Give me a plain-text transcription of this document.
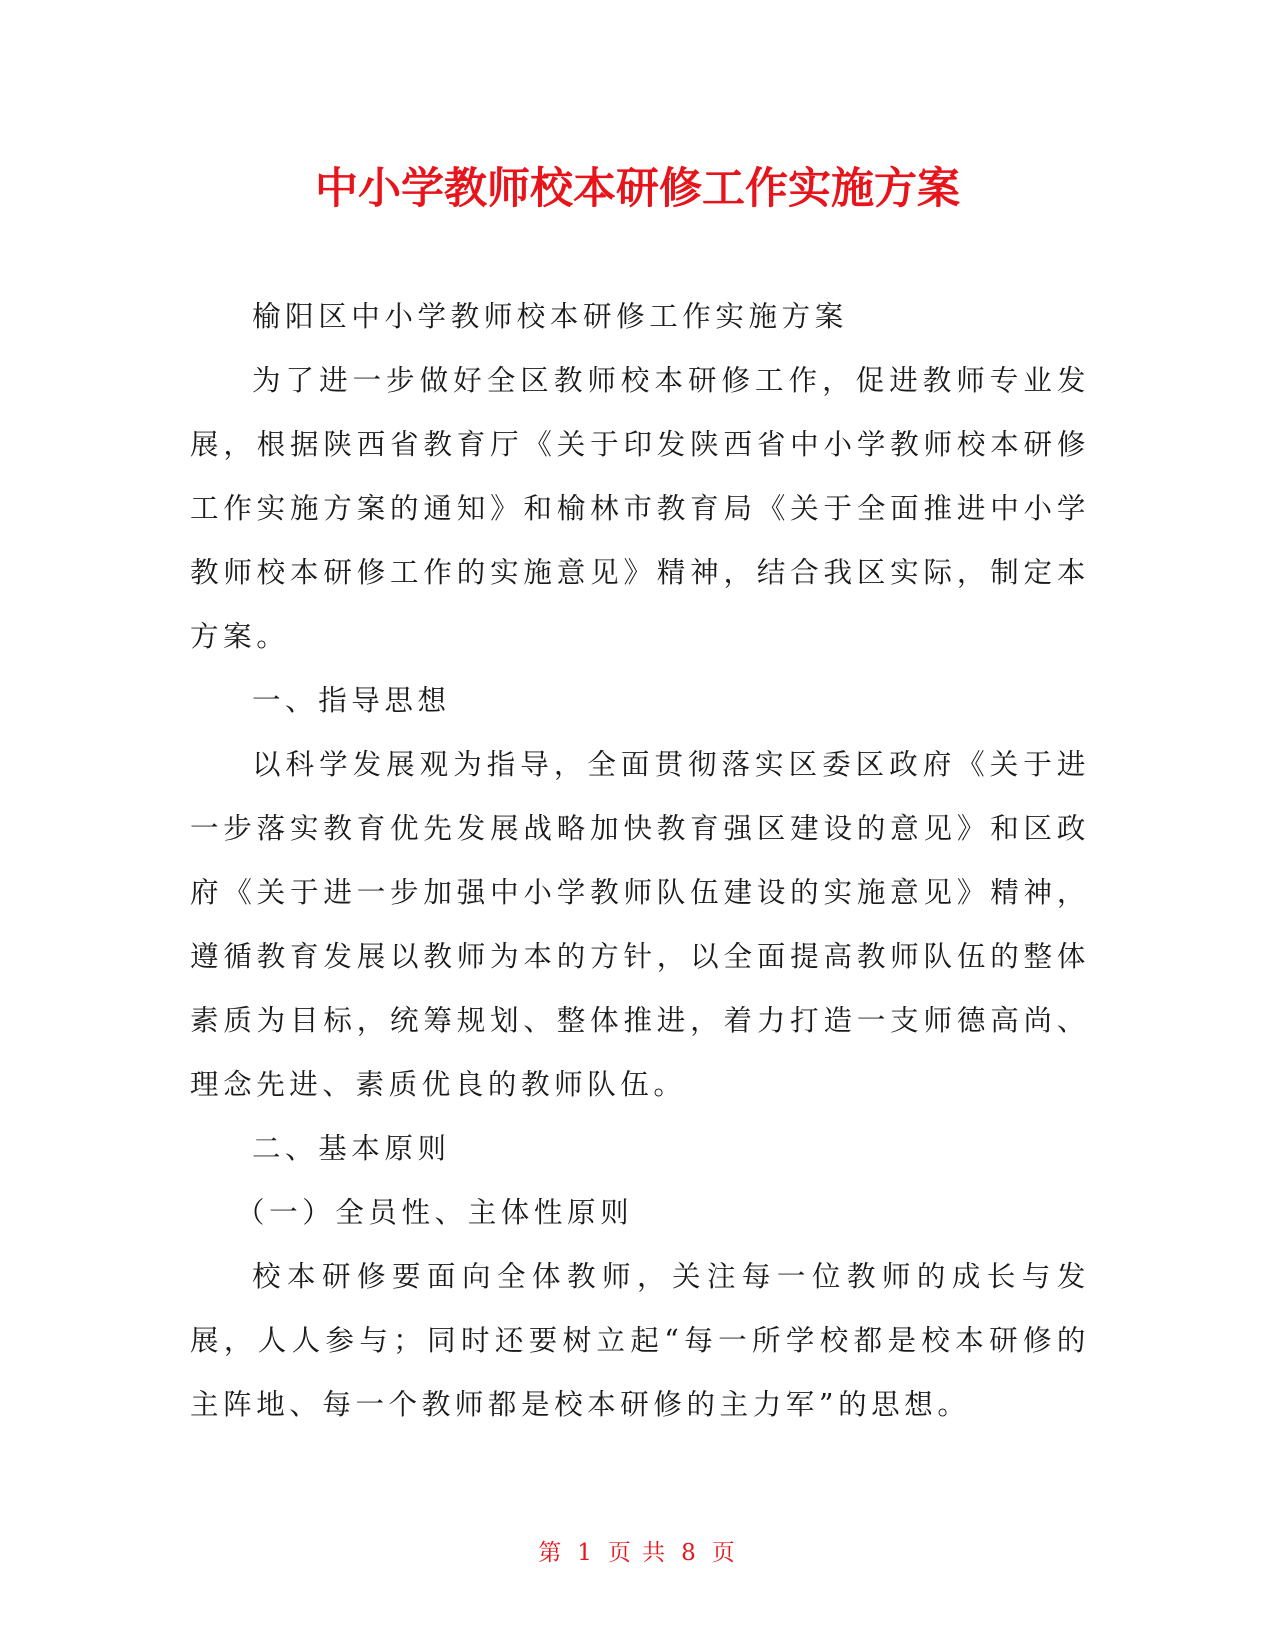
中小学教师校本研修工作实施方案

榆阳区中小学教师校本研修工作实施方案

为了进一步做好全区教师校本研修工作，促进教师专业发展，根据陕西省教育厅《关于印发陕西省中小学教师校本研修工作实施方案的通知》和榆林市教育局《关于全面推进中小学教师校本研修工作的实施意见》精神，结合我区实际，制定本方案。

一、指导思想

以科学发展观为指导，全面贯彻落实区委区政府《关于进一步落实教育优先发展战略加快教育强区建设的意见》和区政府《关于进一步加强中小学教师队伍建设的实施意见》精神，遵循教育发展以教师为本的方针，以全面提高教师队伍的整体素质为目标，统筹规划、整体推进，着力打造一支师德高尚、理念先进、素质优良的教师队伍。

二、基本原则

（一）全员性、主体性原则

校本研修要面向全体教师，关注每一位教师的成长与发展，人人参与；同时还要树立起“每一所学校都是校本研修的主阵地、每一个教师都是校本研修的主力军”的思想。

第 1 页 共 8 页
